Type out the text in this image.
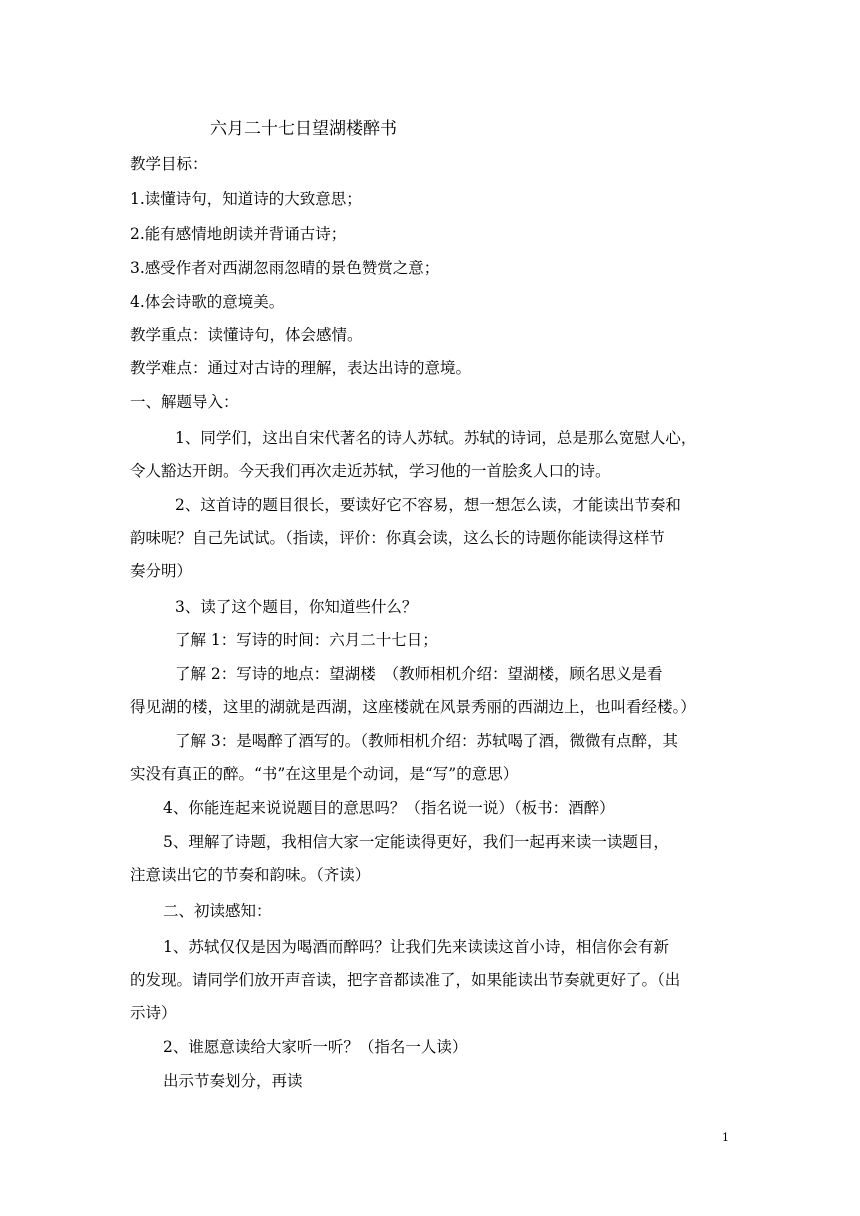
六月二十七日望湖楼醉书
教学目标：
1.读懂诗句，知道诗的大致意思；
2.能有感情地朗读并背诵古诗；
3.感受作者对西湖忽雨忽晴的景色赞赏之意；
4.体会诗歌的意境美。
教学重点：读懂诗句，体会感情。
教学难点：通过对古诗的理解，表达出诗的意境。
一、解题导入：
1、同学们，这出自宋代著名的诗人苏轼。苏轼的诗词，总是那么宽慰人心，
令人豁达开朗。今天我们再次走近苏轼，学习他的一首脍炙人口的诗。
2、这首诗的题目很长，要读好它不容易，想一想怎么读，才能读出节奏和
韵味呢？自己先试试。（指读，评价：你真会读，这么长的诗题你能读得这样节
奏分明）
3、读了这个题目，你知道些什么？
了解 1：写诗的时间：六月二十七日；
了解 2：写诗的地点：望湖楼　（教师相机介绍：望湖楼，顾名思义是看
得见湖的楼，这里的湖就是西湖，这座楼就在风景秀丽的西湖边上，也叫看经楼。）
了解 3：是喝醉了酒写的。（教师相机介绍：苏轼喝了酒，微微有点醉，其
实没有真正的醉。“书”在这里是个动词，是“写”的意思）
4、你能连起来说说题目的意思吗？（指名说一说）（板书：酒醉）
5、理解了诗题，我相信大家一定能读得更好，我们一起再来读一读题目，
注意读出它的节奏和韵味。（齐读）
二、初读感知：
1、苏轼仅仅是因为喝酒而醉吗？让我们先来读读这首小诗，相信你会有新
的发现。请同学们放开声音读，把字音都读准了，如果能读出节奏就更好了。（出
示诗）
2、谁愿意读给大家听一听？（指名一人读）
出示节奏划分，再读
1
